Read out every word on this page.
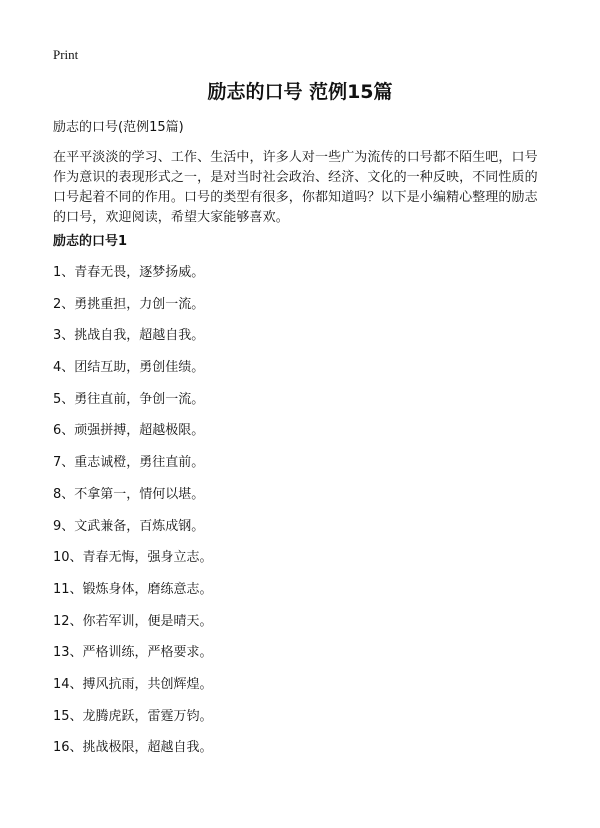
Print
励志的口号 范例15篇

励志的口号(范例15篇)

在平平淡淡的学习、工作、生活中，许多人对一些广为流传的口号都不陌生吧，口号作为意识的表现形式之一，是对当时社会政治、经济、文化的一种反映，不同性质的口号起着不同的作用。口号的类型有很多，你都知道吗？以下是小编精心整理的励志的口号，欢迎阅读，希望大家能够喜欢。

励志的口号1
1、青春无畏，逐梦扬威。
2、勇挑重担，力创一流。
3、挑战自我，超越自我。
4、团结互助，勇创佳绩。
5、勇往直前，争创一流。
6、顽强拼搏，超越极限。
7、重志诚橙，勇往直前。
8、不拿第一，情何以堪。
9、文武兼备，百炼成钢。
10、青春无悔，强身立志。
11、锻炼身体，磨练意志。
12、你若军训，便是晴天。
13、严格训练，严格要求。
14、搏风抗雨，共创辉煌。
15、龙腾虎跃，雷霆万钧。
16、挑战极限，超越自我。
